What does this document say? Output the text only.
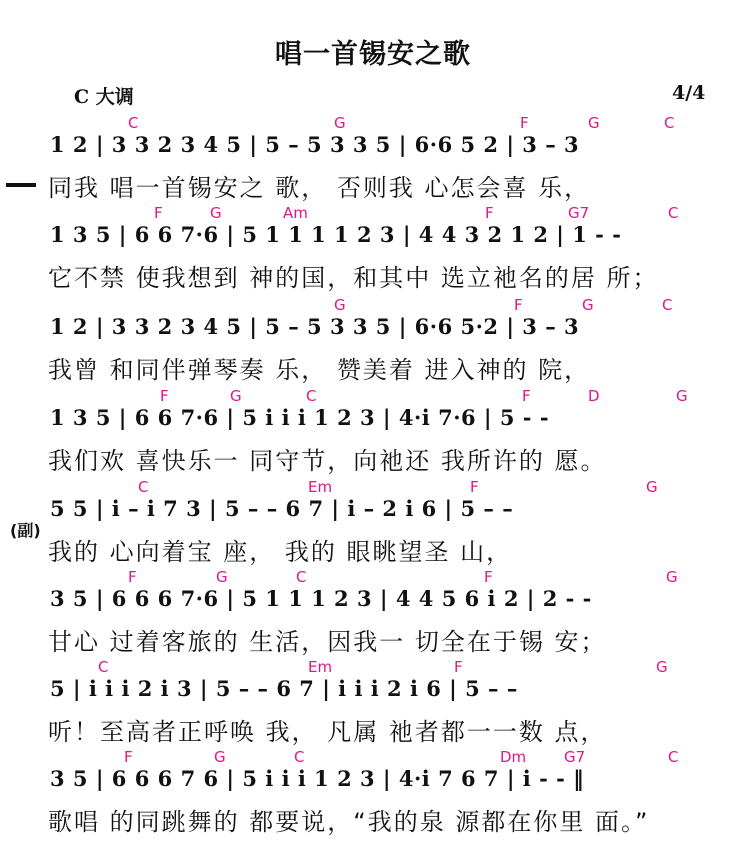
唱一首锡安之歌
C 大调	4/4
(副)
C	G	F	G	C
1 2 | 3 3 2 3 4 5 | 5 – 5 3 3 5 | 6·6 5 2 | 3 – 3
同我 唱一首锡安之 歌， 否则我 心怎会喜 乐，
F	G	Am	F	G7	C
1 3 5 | 6 6 7·6 | 5 1 1 1 1 2 3 | 4 4 3 2 1 2 | 1 - -
它不禁 使我想到 神的国，和其中 选立祂名的居 所；
G	F	G	C
1 2 | 3 3 2 3 4 5 | 5 – 5 3 3 5 | 6·6 5·2 | 3 – 3
我曾 和同伴弹琴奏 乐， 赞美着 进入神的 院，
F	G	C	F	D	G
1 3 5 | 6 6 7·6 | 5 i i i 1 2 3 | 4·i 7·6 | 5 - -
我们欢 喜快乐一 同守节，向祂还 我所许的 愿。
C	Em	F	G
5 5 | i – i 7 3 | 5 – – 6 7 | i – 2 i 6 | 5 – –
我的 心向着宝 座， 我的 眼眺望圣 山，
F	G	C	F	G
3 5 | 6 6 6 7·6 | 5 1 1 1 2 3 | 4 4 5 6 i 2 | 2 - -
甘心 过着客旅的 生活，因我一 切全在于锡 安；
C	Em	F	G
5 | i i i 2 i 3 | 5 – – 6 7 | i i i 2 i 6 | 5 – –
听！至高者正呼唤 我， 凡属 祂者都一一数 点，
F	G	C	Dm	G7	C
3 5 | 6 6 6 7 6 | 5 i i i 1 2 3 | 4·i 7 6 7 | i - - ‖
歌唱 的同跳舞的 都要说，“我的泉 源都在你里 面。”
